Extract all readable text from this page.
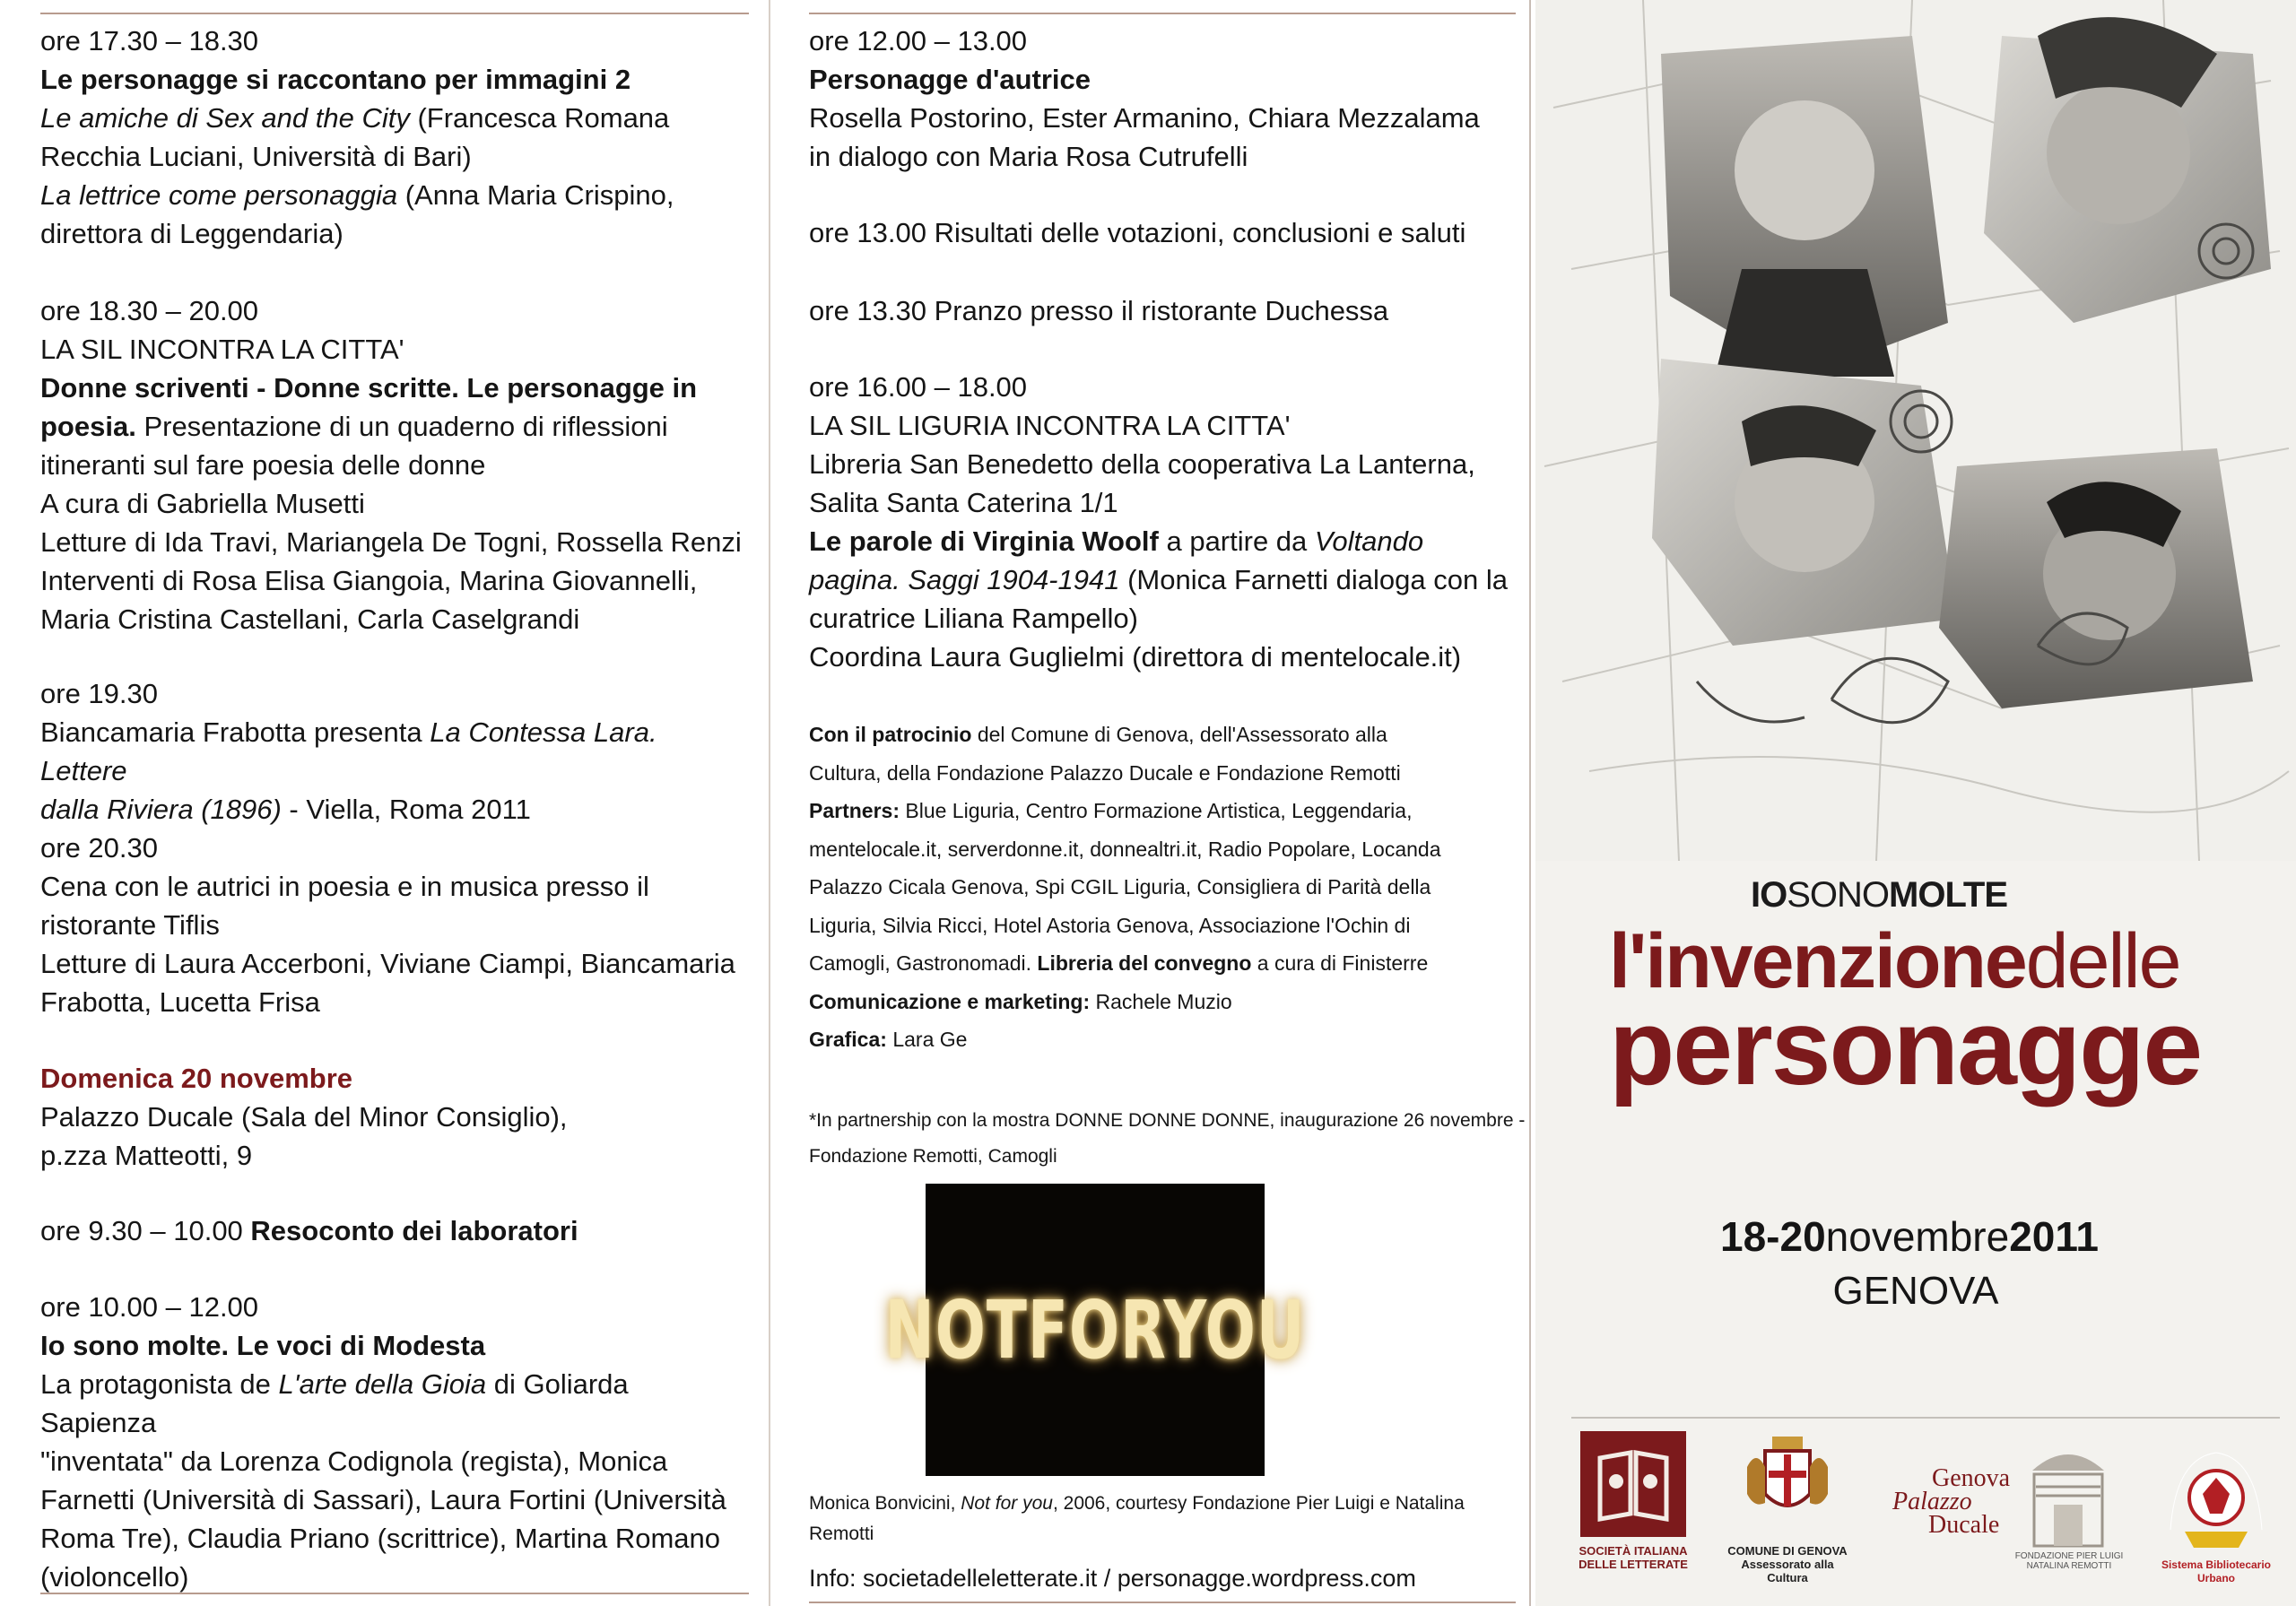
ore 17.30 – 18.30
Le personagge si raccontano per immagini 2
Le amiche di Sex and the City (Francesca Romana
Recchia Luciani, Università di Bari)
La lettrice come personaggia (Anna Maria Crispino,
direttora di Leggendaria)

ore 18.30 – 20.00
LA SIL INCONTRA LA CITTA'
Donne scriventi - Donne scritte. Le personagge in
poesia. Presentazione di un quaderno di riflessioni
itineranti sul fare poesia delle donne
A cura di Gabriella Musetti
Letture di Ida Travi, Mariangela De Togni, Rossella Renzi
Interventi di Rosa Elisa Giangoia, Marina Giovannelli,
Maria Cristina Castellani, Carla Caselgrandi

ore 19.30
Biancamaria Frabotta presenta La Contessa Lara. Lettere
dalla Riviera (1896) - Viella, Roma 2011

ore 20.30
Cena con le autrici in poesia e in musica presso il
ristorante Tiflis
Letture di Laura Accerboni, Viviane Ciampi, Biancamaria
Frabotta, Lucetta Frisa

Domenica 20 novembre
Palazzo Ducale (Sala del Minor Consiglio),
p.zza Matteotti, 9

ore 9.30 – 10.00 Resoconto dei laboratori

ore 10.00 – 12.00
Io sono molte. Le voci di Modesta
La protagonista de L'arte della Gioia di Goliarda Sapienza
"inventata" da Lorenza Codignola (regista), Monica
Farnetti (Università di Sassari), Laura Fortini (Università
Roma Tre), Claudia Priano (scrittrice), Martina Romano
(violoncello)

ore 12.00 – 13.00
Personagge d'autrice
Rosella Postorino, Ester Armanino, Chiara Mezzalama
in dialogo con Maria Rosa Cutrufelli

ore 13.00 Risultati delle votazioni, conclusioni e saluti

ore 13.30 Pranzo presso il ristorante Duchessa

ore 16.00 – 18.00
LA SIL LIGURIA INCONTRA LA CITTA'
Libreria San Benedetto della cooperativa La Lanterna,
Salita Santa Caterina 1/1
Le parole di Virginia Woolf a partire da Voltando
pagina. Saggi 1904-1941 (Monica Farnetti dialoga con la
curatrice Liliana Rampello)
Coordina Laura Guglielmi (direttora di mentelocale.it)

Con il patrocinio del Comune di Genova, dell'Assessorato alla
Cultura, della Fondazione Palazzo Ducale e Fondazione Remotti
Partners: Blue Liguria, Centro Formazione Artistica, Leggendaria,
mentelocale.it, serverdonne.it, donnealtri.it, Radio Popolare, Locanda
Palazzo Cicala Genova, Spi CGIL Liguria, Consigliera di Parità della
Liguria, Silvia Ricci, Hotel Astoria Genova, Associazione l'Ochin di
Camogli, Gastronomadi. Libreria del convegno a cura di Finisterre
Comunicazione e marketing: Rachele Muzio
Grafica: Lara Ge

*In partnership con la mostra DONNE DONNE DONNE, inaugurazione 26 novembre -
Fondazione Remotti, Camogli

NOTFORYOU

Monica Bonvicini, Not for you, 2006, courtesy Fondazione Pier Luigi e Natalina Remotti

Info: societadelleletterate.it / personagge.wordpress.com

IOSONOMOLTE

l'invenzionedelle

personagge

18-20novembre2011

GENOVA

SOCIETÀ ITALIANA DELLE LETTERATE

COMUNE DI GENOVA
Assessorato alla Cultura

Genova
Palazzo
Ducale

FONDAZIONE PIER LUIGI NATALINA REMOTTI	Sistema Bibliotecario Urbano
